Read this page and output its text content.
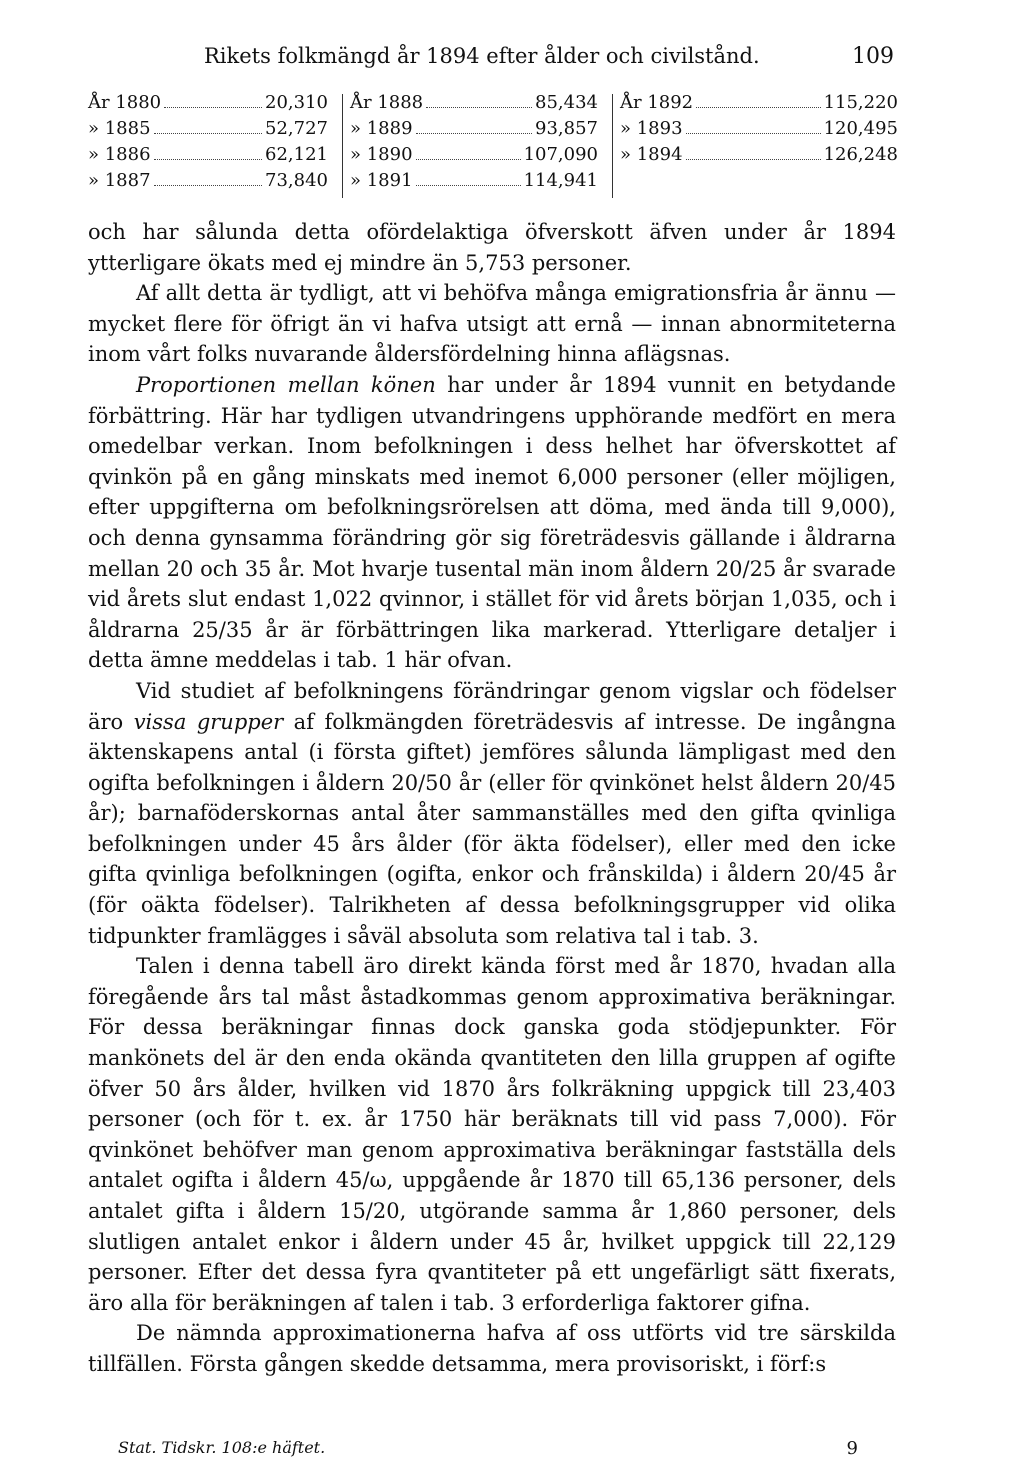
Rikets folkmängd år 1894 efter ålder och civilstånd.	109
År 1880	20,310
» 1885	52,727
» 1886	62,121
» 1887	73,840
År 1888	85,434
» 1889	93,857
» 1890	107,090
» 1891	114,941
År 1892	115,220
» 1893	120,495
» 1894	126,248

och har sålunda detta ofördelaktiga öfverskott äfven under år 1894 ytterligare ökats med ej mindre än 5,753 personer.

Af allt detta är tydligt, att vi behöfva många emigrationsfria år ännu — mycket flere för öfrigt än vi hafva utsigt att ernå — innan abnormiteterna inom vårt folks nuvarande åldersfördelning hinna aflägsnas.

Proportionen mellan könen har under år 1894 vunnit en betydande förbättring. Här har tydligen utvandringens upphörande medfört en mera omedelbar verkan. Inom befolkningen i dess helhet har öfverskottet af qvinkön på en gång minskats med inemot 6,000 personer (eller möjligen, efter uppgifterna om befolkningsrörelsen att döma, med ända till 9,000), och denna gynsamma förändring gör sig företrädesvis gällande i åldrarna mellan 20 och 35 år. Mot hvarje tusental män inom åldern 20/25 år svarade vid årets slut endast 1,022 qvinnor, i stället för vid årets början 1,035, och i åldrarna 25/35 år är förbättringen lika markerad. Ytterligare detaljer i detta ämne meddelas i tab. 1 här ofvan.

Vid studiet af befolkningens förändringar genom vigslar och födelser äro vissa grupper af folkmängden företrädesvis af intresse. De ingångna äktenskapens antal (i första giftet) jemföres sålunda lämpligast med den ogifta befolkningen i åldern 20/50 år (eller för qvinkönet helst åldern 20/45 år); barnaföderskornas antal åter sammanställes med den gifta qvinliga befolkningen under 45 års ålder (för äkta födelser), eller med den icke gifta qvinliga befolkningen (ogifta, enkor och frånskilda) i åldern 20/45 år (för oäkta födelser). Talrikheten af dessa befolkningsgrupper vid olika tidpunkter framlägges i såväl absoluta som relativa tal i tab. 3.

Talen i denna tabell äro direkt kända först med år 1870, hvadan alla föregående års tal måst åstadkommas genom approximativa beräkningar. För dessa beräkningar finnas dock ganska goda stödjepunkter. För mankönets del är den enda okända qvantiteten den lilla gruppen af ogifte öfver 50 års ålder, hvilken vid 1870 års folkräkning uppgick till 23,403 personer (och för t. ex. år 1750 här beräknats till vid pass 7,000). För qvinkönet behöfver man genom approximativa beräkningar fastställa dels antalet ogifta i åldern 45/ω, uppgående år 1870 till 65,136 personer, dels antalet gifta i åldern 15/20, utgörande samma år 1,860 personer, dels slutligen antalet enkor i åldern under 45 år, hvilket uppgick till 22,129 personer. Efter det dessa fyra qvantiteter på ett ungefärligt sätt fixerats, äro alla för beräkningen af talen i tab. 3 erforderliga faktorer gifna.

De nämnda approximationerna hafva af oss utförts vid tre särskilda tillfällen. Första gången skedde detsamma, mera provisoriskt, i förf:s

Stat. Tidskr. 108:e häftet.	9
